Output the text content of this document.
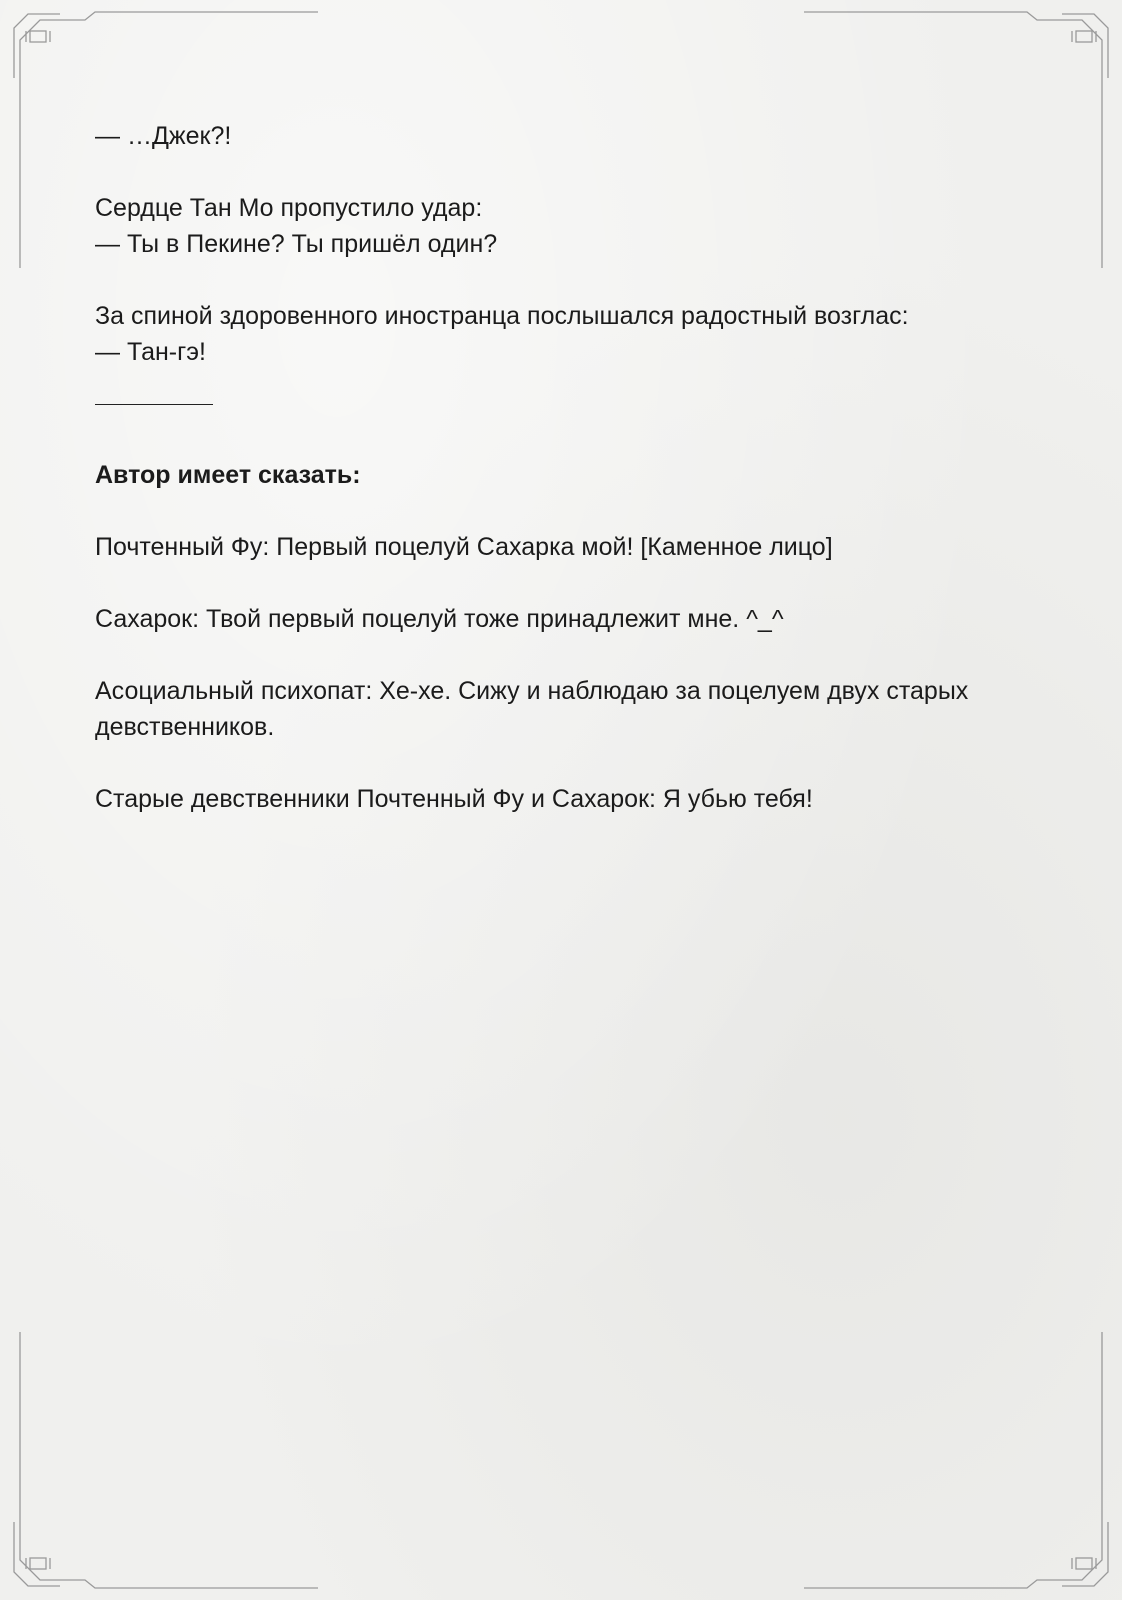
— …Джек?!

Сердце Тан Мо пропустило удар:
— Ты в Пекине? Ты пришёл один?

За спиной здоровенного иностранца послышался радостный возглас:
— Тан-гэ!

Автор имеет сказать:

Почтенный Фу: Первый поцелуй Сахарка мой! [Каменное лицо]

Сахарок: Твой первый поцелуй тоже принадлежит мне. ^_^

Асоциальный психопат: Хе-хе. Сижу и наблюдаю за поцелуем двух старых девственников.

Старые девственники Почтенный Фу и Сахарок: Я убью тебя!
